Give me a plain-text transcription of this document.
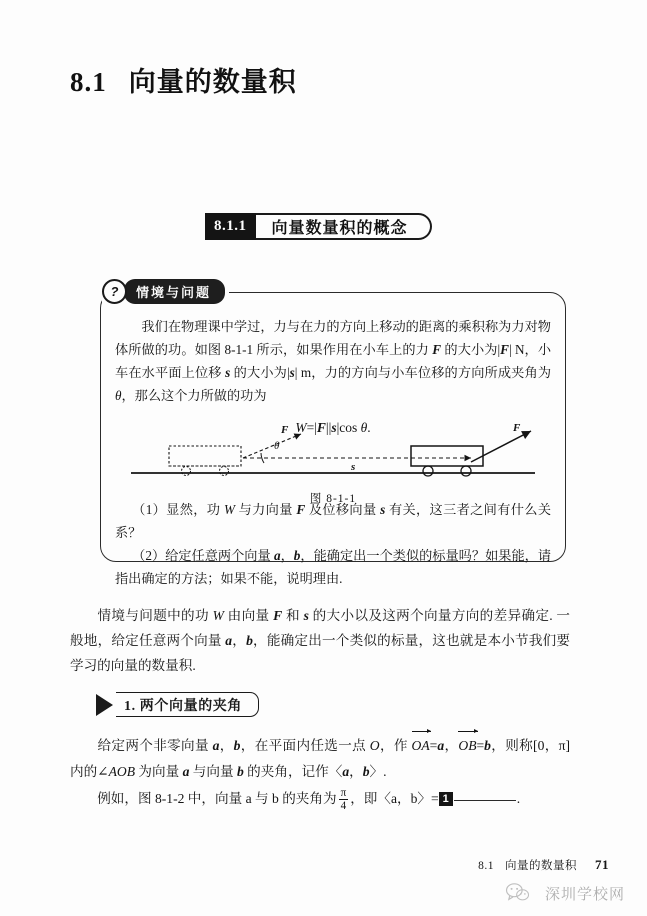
8.1 向量的数量积
8.1.1	向量数量积的概念

我们在物理课中学过，力与在力的方向上移动的距离的乘积称为力对物体所做的功。如图 8-1-1 所示，如果作用在小车上的力 F 的大小为|F| N，小车在水平面上位移 s 的大小为|s| m，力的方向与小车位移的方向所成夹角为 θ，那么这个力所做的功为

W=|F||s|cos θ.
F
θ
s
F
图 8-1-1

（1）显然，功 W 与力向量 F 及位移向量 s 有关，这三者之间有什么关系？

（2）给定任意两个向量 a，b，能确定出一个类似的标量吗？如果能，请指出确定的方法；如果不能，说明理由.

?	情境与问题
情境与问题中的功 W 由向量 F 和 s 的大小以及这两个向量方向的差异确定. 一般地，给定任意两个向量 a，b，能确定出一个类似的标量，这也就是本小节我们要学习的向量的数量积.
1. 两个向量的夹角
给定两个非零向量 a，b，在平面内任选一点 O，作 OA=a，OB=b，则称[0，π]内的∠AOB 为向量 a 与向量 b 的夹角，记作〈a，b〉.
例如，图 8-1-2 中，向量 a 与 b 的夹角为 $\frac{\pi}{4}$ ，即〈a，b〉= 1	.
8.1 向量的数量积 71
深圳学校网
